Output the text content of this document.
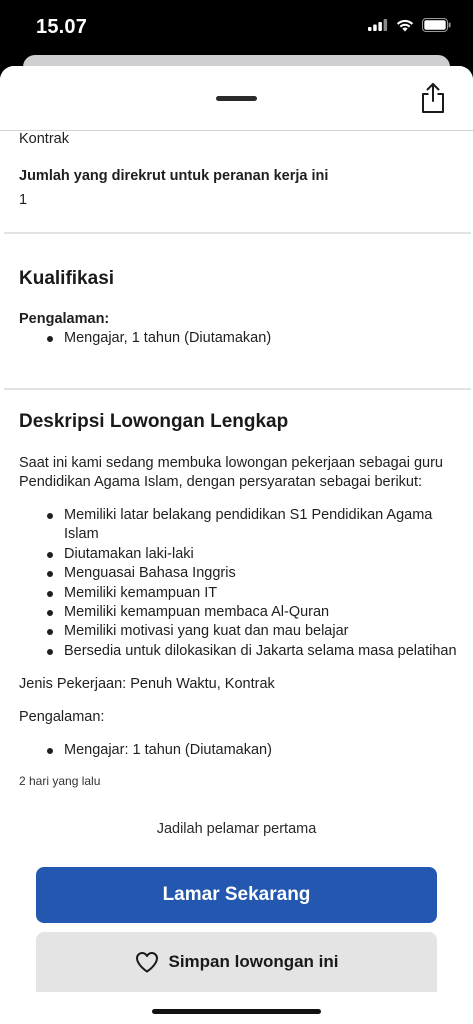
15.07
Kontrak
Jumlah yang direkrut untuk peranan kerja ini
1
Kualifikasi
Pengalaman:
Mengajar, 1 tahun (Diutamakan)
Deskripsi Lowongan Lengkap
Saat ini kami sedang membuka lowongan pekerjaan sebagai guru
Pendidikan Agama Islam, dengan persyaratan sebagai berikut:
Memiliki latar belakang pendidikan S1 Pendidikan Agama Islam
Diutamakan laki-laki
Menguasai Bahasa Inggris
Memiliki kemampuan IT
Memiliki kemampuan membaca Al-Quran
Memiliki motivasi yang kuat dan mau belajar
Bersedia untuk dilokasikan di Jakarta selama masa pelatihan
Jenis Pekerjaan: Penuh Waktu, Kontrak
Pengalaman:
Mengajar: 1 tahun (Diutamakan)
2 hari yang lalu
Jadilah pelamar pertama
Lamar Sekarang
Simpan lowongan ini
